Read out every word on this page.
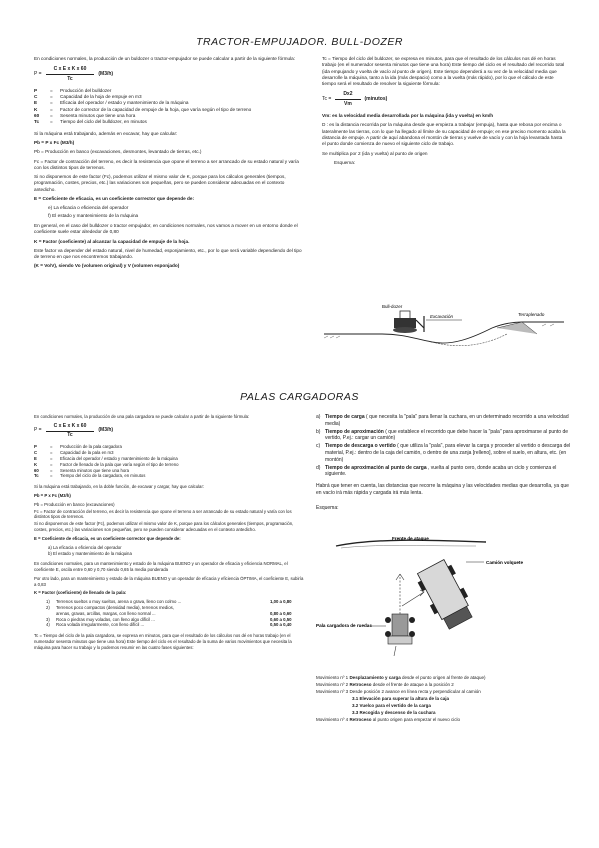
TRACTOR-EMPUJADOR. BULL-DOZER

En condiciones normales, la producción de un buldozer o tractor-empujador se puede calcular a partir de la siguiente fórmula:

$P = \frac{\text{C x E x K x 60}}{Tc} (M3/h)$
P	=	Producción del bulldozer
C	=	Capacidad de la hoja de empuje en m3
E	=	Eficacia del operador / estado y mantenimiento de la máquina
K	=	Factor de corrector de la capacidad de empuje de la hoja, que varía según el tipo de terreno
60	=	Sesenta minutos que tiene una hora
Tc	=	Tiempo del ciclo del bulldozer, en minutos

Si la máquina está trabajando, además en excavar, hay que calcular:

Pb = P x Fc (M3/h)

Pb = Producción en banco (excavaciones, desmontes, levantado de tierras, etc.)

Fc = Factor de contracción del terreno, es decir la resistencia que opone el terreno a ser arrancado de su estado natural y varía con los distintos tipos de terrenos.

Si no disponemos de este factor (Fc), podemos utilizar el mismo valor de K, porque para los cálculos generales (tiempos, programación, costes, precios, etc.) las variaciones son pequeñas, pero se pueden considerar adecuadas en el contexto antedicho.

E = Coeficiente de eficacia, es un coeficiente corrector que depende de:

e) La eficacia o eficiencia del operador
f) El estado y mantenimiento de la máquina

En general, en el caso del bulldozer o tractor empujador, en condiciones normales, nos vamos a mover en un entorno donde el coeficiente suele estar alrededor de 0,80

K = Factor (coeficiente) al alcanzar la capacidad de empuje de la hoja.

Este factor va depender del estado natural, nivel de humedad, esponjamiento, etc., por lo que será variable dependiendo del tipo de terreno en que nos encontremos trabajando.

(K = Vo/V), siendo Vo (volumen original) y V (volumen esponjado)

Tc = Tiempo del ciclo del buldozer, se expresa en minutos, para que el resultado de los cálculos nos dé en horas trabajo (en el numerador sesenta minutos que tiene una hora) Este tiempo del ciclo es el resultado del recorrido total (ida empujando y vuelta de vacío al punto de origen). Este tiempo dependerá a su vez de la velocidad media que desarrolle la máquina, tanto a la ida (más despacio) como a la vuelta (más rápido), por lo que el cálculo de este tiempo será el resultado de resolver la siguiente fórmula:

$Tc = \frac{Dx2}{Vm}$ (minutos)

Vm: es la velocidad media desarrollada por la máquina (ida y vuelta) en km/h

D : es la distancia recorrida por la máquina desde que empieza a trabajar (empuja), hasta que rebosa por encima o lateralmente las tierras, con lo que ha llegado al límite de su capacidad de empuje; en ese preciso momento acaba la distancia de empuje. A partir de aquí abandona el montón de tierras y vuelve de vacío y con la hoja levantada hasta el punto donde comienza de nuevo el siguiente ciclo de trabajo.

Se multiplica por 2 (ida y vuelta) al punto de origen

Esquema:

Excavación
Bull-dozer
Terraplenado
PALAS CARGADORAS

En condiciones normales, la producción de una pala cargadora se puede calcular a partir de la siguiente fórmula:

$P = \frac{\text{C x E x K x 60}}{Tc} (M3/h)$
P	=	Producción de la pala cargadora
C	=	Capacidad de la pala en m3
E	=	Eficacia del operador / estado y mantenimiento de la máquina
K	=	Factor de llenado de la pala que varía según el tipo de terreno
60	=	Sesenta minutos que tiene una hora
Tc	=	Tiempo del ciclo de la cargadora, en minutos

Si la máquina está trabajando, en la doble función, de excavar y cargar, hay que calcular:

Pb = P x Fc (M3/h)

Pb = Producción en banco (excavaciones)

Fc = Factor de contracción del terreno, es decir la resistencia que opone el terreno a ser arrancado de su estado natural y varía con los distintos tipos de terrenos.

Si no disponemos de este factor (Fc), podemos utilizar el mismo valor de K, porque para los cálculos generales (tiempos, programación, costes, precios, etc.) las variaciones son pequeñas, pero se pueden considerar adecuadas en el contexto antedicho.

E = Coeficiente de eficacia, es un coeficiente corrector que depende de:

a) La eficacia o eficiencia del operador
b) El estado y mantenimiento de la máquina

En condiciones normales, para un mantenimiento y estado de la máquina BUENO y un operador de eficacia y eficiencia NORMAL, el coeficiente E, oscila entre 0,60 y 0,70 siendo 0,65 la media ponderada

Por otro lado, para un mantenimiento y estado de la máquina BUENO y un operador de eficacia y eficiencia ÓPTIMA, el coeficiente E, subiría a 0,83

K = Factor (coeficiente) de llenado de la pala:

1)	Terrenos sueltos o muy sueltos, arena o grava, lleno con colmo ...	1,00 a 0,80
2)	Terrenos poco compactos (densidad media), terrenos medios,
arenas, gravas, arcillas, margas, con lleno normal ...	0,80 a 0,60
3)	Roca o piedras muy voladas, con lleno algo difícil ...	0,60 a 0,50
4)	Roca volada irregularmente, con lleno difícil ...	0,50 a 0,40

Tc = Tiempo del ciclo de la pala cargadora, se expresa en minutos, para que el resultado de los cálculos nos dé en horas trabajo (en el numerador sesenta minutos que tiene una hora) Este tiempo del ciclo es el resultado de la suma de varios movimientos que necesita la máquina para hacer su trabajo y lo podemos resumir en las cuatro fases siguientes:

a) Tiempo de carga ( que necesita la "pala" para llenar la cuchara, en un determinado recorrido a una velocidad media)
b) Tiempo de aproximación ( que establece el recorrido que debe hacer la "pala" para aproximarse al punto de vertido, P.ej.: cargar un camión)
c) Tiempo de descarga o vertido ( que utiliza la "pala", para elevar la carga y proceder al vertido o descarga del material, P.ej.: dentro de la caja del camión, o dentro de una zanja [relleno], sobre el suelo, en altura, etc. (en montón)
d) Tiempo de aproximación al punto de carga , vuelta al punto cero, donde acaba un ciclo y comienza el siguiente.

Habrá que tener en cuenta, las distancias que recorre la máquina y las velocidades medias que desarrolla, ya que en vacío irá más rápida y cargada irá más lenta.

Esquema:

Frente de ataque
Camión volquete
Pala cargadora de ruedas
Movimiento nº 1 Desplazamiento y carga desde el punto origen al frente de ataque)
Movimiento nº 2 Retroceso desde el frente de ataque a la posición 2
Movimiento nº 3 Desde posición 2 avance en línea recta y perpendicular al camión
3.1 Elevación para superar la altura de la caja
3.2 Vuelco para el vertido de la carga
3.3 Recogida y descenso de la cuchara
Movimiento nº 4 Retroceso al punto origen para empezar el nuevo ciclo
